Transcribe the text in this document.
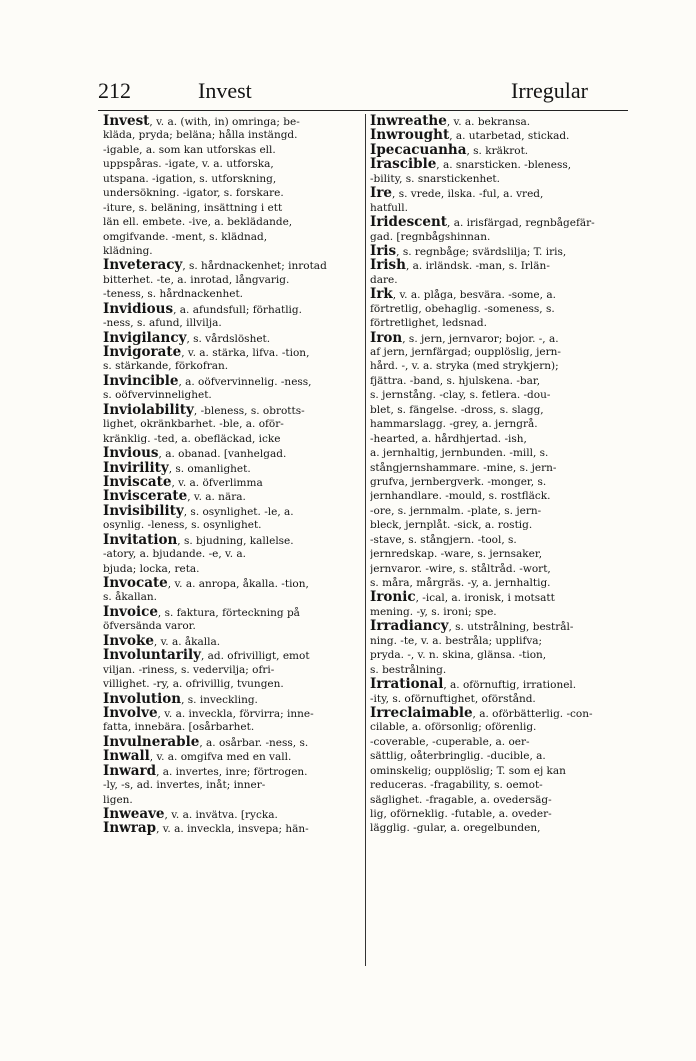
212	Invest	Irregular
Invest, v. a. (with, in) omringa; be-
kläda, pryda; beläna; hålla instängd.
-igable, a. som kan utforskas ell.
uppspåras. -igate, v. a. utforska,
utspana. -igation, s. utforskning,
undersökning. -igator, s. forskare.
-iture, s. beläning, insättning i ett
län ell. embete. -ive, a. beklädande,
omgifvande. -ment, s. klädnad,
klädning.
Inveteracy, s. hårdnackenhet; inrotad
bitterhet. -te, a. inrotad, långvarig.
-teness, s. hårdnackenhet.
Invidious, a. afundsfull; förhatlig.
-ness, s. afund, illvilja.
Invigilancy, s. vårdslöshet.
Invigorate, v. a. stärka, lifva. -tion,
s. stärkande, förkofran.
Invincible, a. oöfvervinnelig. -ness,
s. oöfvervinnelighet.
Inviolability, -bleness, s. obrotts-
lighet, okränkbarhet. -ble, a. oför-
kränklig. -ted, a. obefläckad, icke
Invious, a. obanad. [vanhelgad.
Invirility, s. omanlighet.
Inviscate, v. a. öfverlimma
Inviscerate, v. a. nära.
Invisibility, s. osynlighet. -le, a.
osynlig. -leness, s. osynlighet.
Invitation, s. bjudning, kallelse.
-atory, a. bjudande. -e, v. a.
bjuda; locka, reta.
Invocate, v. a. anropa, åkalla. -tion,
s. åkallan.
Invoice, s. faktura, förteckning på
öfversända varor.
Invoke, v. a. åkalla.
Involuntarily, ad. ofrivilligt, emot
viljan. -riness, s. vedervilja; ofri-
villighet. -ry, a. ofrivillig, tvungen.
Involution, s. inveckling.
Involve, v. a. inveckla, förvirra; inne-
fatta, innebära. [osårbarhet.
Invulnerable, a. osårbar. -ness, s.
Inwall, v. a. omgifva med en vall.
Inward, a. invertes, inre; förtrogen.
-ly, -s, ad. invertes, inåt; inner-
ligen.
Inweave, v. a. invätva. [rycka.
Inwrap, v. a. inveckla, insvepa; hän-
Inwreathe, v. a. bekransa.
Inwrought, a. utarbetad, stickad.
Ipecacuanha, s. kräkrot.
Irascible, a. snarsticken. -bleness,
-bility, s. snarstickenhet.
Ire, s. vrede, ilska. -ful, a. vred,
hatfull.
Iridescent, a. irisfärgad, regnbågefär-
gad. [regnbågshinnan.
Iris, s. regnbåge; svärdslilja; T. iris,
Irish, a. irländsk. -man, s. Irlän-
dare.
Irk, v. a. plåga, besvära. -some, a.
förtretlig, obehaglig. -someness, s.
förtretlighet, ledsnad.
Iron, s. jern, jernvaror; bojor. -, a.
af jern, jernfärgad; oupplöslig, jern-
hård. -, v. a. stryka (med strykjern);
fjättra. -band, s. hjulskena. -bar,
s. jernstång. -clay, s. fetlera. -dou-
blet, s. fängelse. -dross, s. slagg,
hammarslagg. -grey, a. jerngrå.
-hearted, a. hårdhjertad. -ish,
a. jernhaltig, jernbunden. -mill, s.
stångjernshammare. -mine, s. jern-
grufva, jernbergverk. -monger, s.
jernhandlare. -mould, s. rostfläck.
-ore, s. jernmalm. -plate, s. jern-
bleck, jernplåt. -sick, a. rostig.
-stave, s. stångjern. -tool, s.
jernredskap. -ware, s. jernsaker,
jernvaror. -wire, s. ståltråd. -wort,
s. måra, mårgräs. -y, a. jernhaltig.
Ironic, -ical, a. ironisk, i motsatt
mening. -y, s. ironi; spe.
Irradiancy, s. utstrålning, bestrål-
ning. -te, v. a. bestråla; upplifva;
pryda. -, v. n. skina, glänsa. -tion,
s. bestrålning.
Irrational, a. oförnuftig, irrationel.
-ity, s. oförnuftighet, oförstånd.
Irreclaimable, a. oförbätterlig. -con-
cilable, a. oförsonlig; oförenlig.
-coverable, -cuperable, a. oer-
sättlig, oåterbringlig. -ducible, a.
ominskelig; oupplöslig; T. som ej kan
reduceras. -fragability, s. oemot-
säglighet. -fragable, a. ovedersäg-
lig, oförneklig. -futable, a. oveder-
lägglig. -gular, a. oregelbunden,
